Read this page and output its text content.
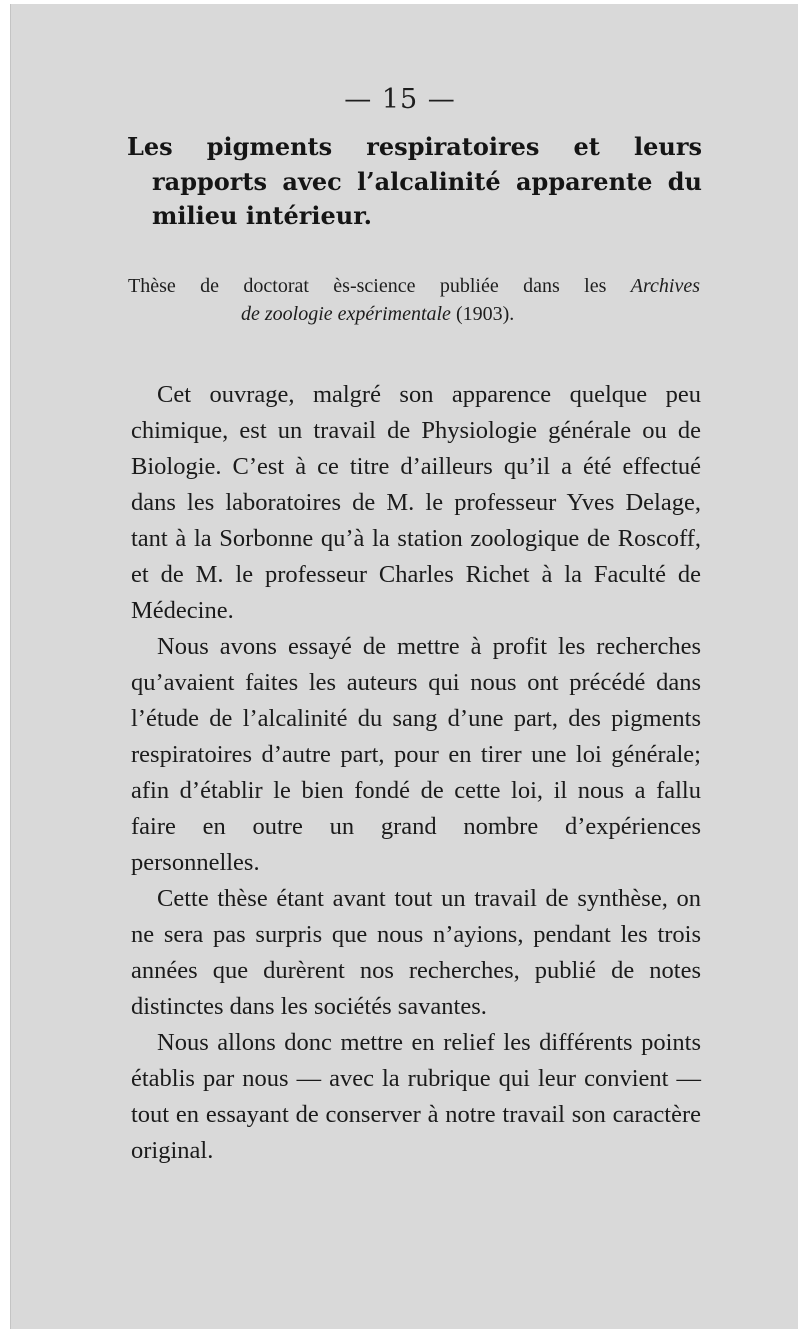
— 15 —
Les pigments respiratoires et leurs rapports avec l’alcalinité apparente du milieu intérieur.

Thèse de doctorat ès-science publiée dans les Archives
de zoologie expérimentale (1903).

Cet ouvrage, malgré son apparence quelque peu chimique, est un travail de Physiologie générale ou de Biologie. C’est à ce titre d’ailleurs qu’il a été effectué dans les laboratoires de M. le professeur Yves Delage, tant à la Sorbonne qu’à la station zoologique de Roscoff, et de M. le professeur Charles Richet à la Faculté de Médecine.

Nous avons essayé de mettre à profit les recherches qu’avaient faites les auteurs qui nous ont précédé dans l’étude de l’alcalinité du sang d’une part, des pigments respiratoires d’autre part, pour en tirer une loi générale; afin d’établir le bien fondé de cette loi, il nous a fallu faire en outre un grand nombre d’expériences personnelles.

Cette thèse étant avant tout un travail de synthèse, on ne sera pas surpris que nous n’ayions, pendant les trois années que durèrent nos recherches, publié de notes distinctes dans les sociétés savantes.

Nous allons donc mettre en relief les différents points établis par nous — avec la rubrique qui leur convient — tout en essayant de conserver à notre travail son caractère original.
